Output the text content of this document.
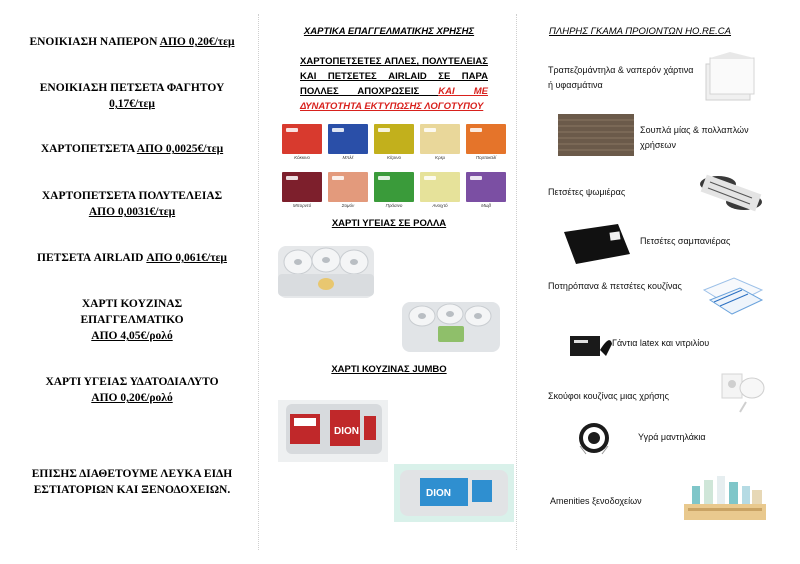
ΕΝΟΙΚΙΑΣΗ ΝΑΠΕΡΟΝ ΑΠΟ 0,20€/τεμ
ΕΝΟΙΚΙΑΣΗ ΠΕΤΣΕΤΑ ΦΑΓΗΤΟΥ
0,17€/τεμ
ΧΑΡΤΟΠΕΤΣΕΤΑ ΑΠΟ 0,0025€/τεμ
ΧΑΡΤΟΠΕΤΣΕΤΑ ΠΟΛΥΤΕΛΕΙΑΣ
ΑΠΟ 0,0031€/τεμ
ΠΕΤΣΕΤΑ AIRLAID ΑΠΟ 0,061€/τεμ
ΧΑΡΤΙ ΚΟΥΖΙΝΑΣ
ΕΠΑΓΓΕΛΜΑΤΙΚΟ
ΑΠΟ 4,05€/ρολό
ΧΑΡΤΙ ΥΓΕΙΑΣ ΥΔΑΤΟΔΙΑΛΥΤΟ
ΑΠΟ 0,20€/ρολό
ΕΠΙΣΗΣ ΔΙΑΘΕΤΟΥΜΕ ΛΕΥΚΑ ΕΙΔΗ
ΕΣΤΙΑΤΟΡΙΩΝ ΚΑΙ ΞΕΝΟΔΟΧΕΙΩΝ.
ΧΑΡΤΙΚΑ ΕΠΑΓΓΕΛΜΑΤΙΚΗΣ ΧΡΗΣΗΣ
ΧΑΡΤΟΠΕΤΣΕΤΕΣ ΑΠΛΕΣ, ΠΟΛΥΤΕΛΕΙΑΣ ΚΑΙ ΠΕΤΣΕΤΕΣ AIRLAID ΣΕ ΠΑΡΑ ΠΟΛΛΕΣ ΑΠΟΧΡΩΣΕΙΣ ΚΑΙ ΜΕ ΔΥΝΑΤΟΤΗΤΑ ΕΚΤΥΠΩΣΗΣ ΛΟΓΟΤΥΠΟΥ
Κόκκινο	Μπλέ	Κίτρινο	Κρεμ	Πορτοκαλί
Μπορντό	Σομόν	Πράσινο	Ανοιχτό	Μωβ
ΧΑΡΤΙ ΥΓΕΙΑΣ ΣΕ ΡΟΛΛΑ
ΧΑΡΤΙ ΚΟΥΖΙΝΑΣ JUMBO
DION
DION
ΠΛΗΡΗΣ ΓΚΑΜΑ ΠΡΟΙΟΝΤΩΝ HO.RE.CA
Τραπεζομάντηλα & ναπερόν χάρτινα ή υφασμάτινα
Σουπλά μίας & πολλαπλών χρήσεων
Πετσέτες ψωμιέρας
Πετσέτες σαμπανιέρας
Ποτηρόπανα & πετσέτες κουζίνας
Γάντια latex και νιτριλίου
Σκούφοι κουζίνας μιας χρήσης
Υγρά μαντηλάκια
Amenities ξενοδοχείων
